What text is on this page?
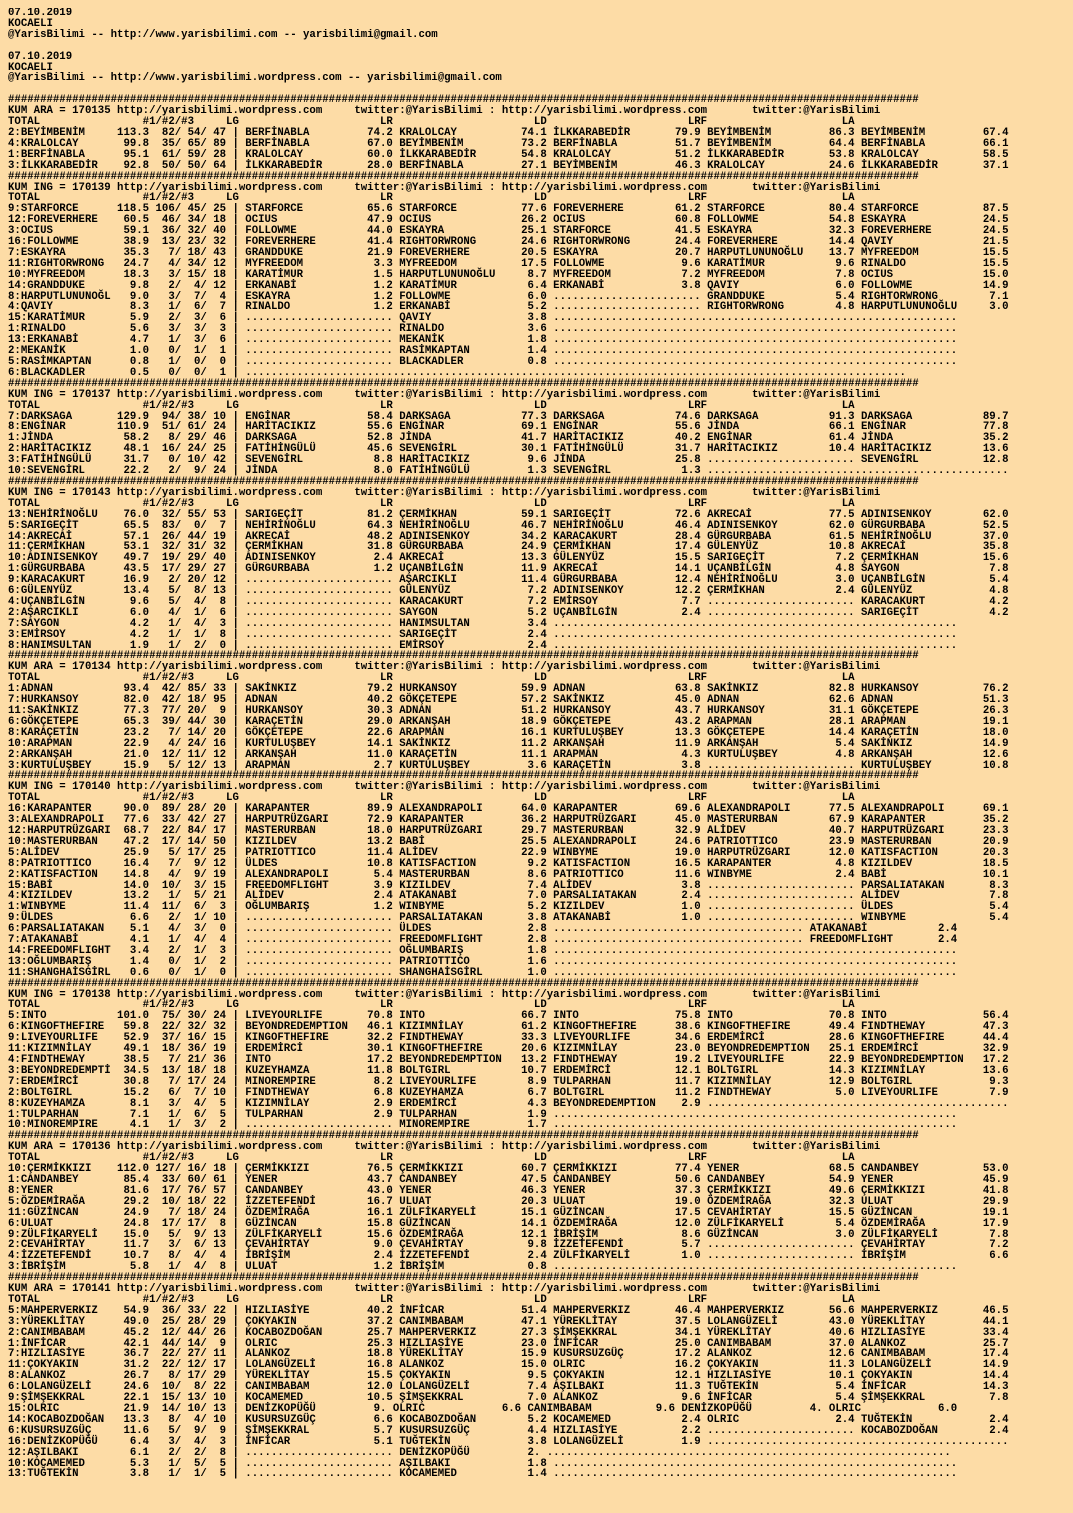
07.10.2019
KOCAELI
@YarisBilimi -- http://www.yarisbilimi.com -- yarisbilimi@gmail.com

07.10.2019
KOCAELI
@YarisBilimi -- http://www.yarisbilimi.wordpress.com -- yarisbilimi@gmail.com

##############################################################################################################################################
KUM ARA = 170135 http://yarisbilimi.wordpress.com     twitter:@YarisBilimi : http://yarisbilimi.wordpress.com       twitter:@YarisBilimi
TOTAL                #1/#2/#3     LG                      LR                      LD                      LRF                     LA
2:BEYİMBENİM     113.3  82/ 54/ 47 | BERFİNABLA         74.2 KRALOLCAY          74.1 İLKKARABEDİR       79.9 BEYİMBENİM         86.3 BEYİMBENİM         67.4
4:KRALOLCAY       99.8  35/ 65/ 89 | BERFİNABLA         67.0 BEYİMBENİM         73.2 BERFİNABLA         51.7 BEYİMBENİM         64.4 BERFİNABLA         66.1
1:BERFİNABLA      95.1  61/ 59/ 28 | KRALOLCAY          60.0 İLKKARABEDİR       54.8 KRALOLCAY          51.2 İLKKARABEDİR       53.8 KRALOLCAY          58.5
3:İLKKARABEDİR    92.8  50/ 50/ 64 | İLKKARABEDİR       28.0 BERFİNABLA         27.1 BEYİMBENİM         46.3 KRALOLCAY          24.6 İLKKARABEDİR       37.1
##############################################################################################################################################
KUM ING = 170139 http://yarisbilimi.wordpress.com     twitter:@YarisBilimi : http://yarisbilimi.wordpress.com       twitter:@YarisBilimi
TOTAL                #1/#2/#3     LG                      LR                      LD                      LRF                     LA
9:STARFORCE      118.5 106/ 45/ 25 | STARFORCE          65.6 STARFORCE          77.6 FOREVERHERE        61.2 STARFORCE          80.4 STARFORCE          87.5
12:FOREVERHERE    60.5  46/ 34/ 18 | OCIUS              47.9 OCIUS              26.2 OCIUS              60.8 FOLLOWME           54.8 ESKAYRA            24.5
3:OCIUS           59.1  36/ 32/ 40 | FOLLOWME           44.0 ESKAYRA            25.1 STARFORCE          41.5 ESKAYRA            32.3 FOREVERHERE        24.5
16:FOLLOWME       38.9  13/ 23/ 32 | FOREVERHERE        41.4 RIGHTORWRONG       24.6 RIGHTORWRONG       24.4 FOREVERHERE        14.4 QAVIY              21.5
7:ESKAYRA         35.3   7/ 18/ 43 | GRANDDUKE          21.9 FOREVERHERE        20.5 ESKAYRA            20.7 HARPUTLUNUNOĞLU    13.7 MYFREEDOM          15.5
11:RIGHTORWRONG   24.7   4/ 34/ 12 | MYFREEDOM           3.3 MYFREEDOM          17.5 FOLLOWME            9.6 KARATİMUR           9.6 RINALDO            15.5
10:MYFREEDOM      18.3   3/ 15/ 18 | KARATİMUR           1.5 HARPUTLUNUNOĞLU     8.7 MYFREEDOM           7.2 MYFREEDOM           7.8 OCIUS              15.0
14:GRANDDUKE       9.8   2/  4/ 12 | ERKANABİ            1.2 KARATİMUR           6.4 ERKANABİ            3.8 QAVIY               6.0 FOLLOWME           14.9
8:HARPUTLUNUNOĞL   9.0   3/  7/  4 | ESKAYRA             1.2 FOLLOWME            6.0 ....................... GRANDDUKE           5.4 RIGHTORWRONG        7.1
4:QAVIY            8.3   1/  6/  7 | RINALDO             1.2 ERKANABİ            5.2 ....................... RIGHTORWRONG        4.8 HARPUTLUNUNOĞLU     3.0
15:KARATİMUR       5.9   2/  3/  6 | ....................... QAVIY               3.8 ...............................................................
1:RINALDO          5.6   3/  3/  3 | ....................... RINALDO             3.6 ...............................................................
13:ERKANABİ        4.7   1/  3/  6 | ....................... MEKANİK             1.8 ...............................................................
2:MEKANİK          1.0   0/  1/  1 | ....................... RASİMKAPTAN         1.4 ...............................................................
5:RASİMKAPTAN      0.8   1/  0/  0 | ....................... BLACKADLER          0.8 ...............................................................
6:BLACKADLER       0.5   0/  0/  1 | .......................................................................................................
##############################################################################################################################################
KUM ING = 170137 http://yarisbilimi.wordpress.com     twitter:@YarisBilimi : http://yarisbilimi.wordpress.com       twitter:@YarisBilimi
TOTAL                #1/#2/#3     LG                      LR                      LD                      LRF                     LA
7:DARKSAGA       129.9  94/ 38/ 10 | ENGİNAR            58.4 DARKSAGA           77.3 DARKSAGA           74.6 DARKSAGA           91.3 DARKSAGA           89.7
8:ENGİNAR        110.9  51/ 61/ 24 | HARİTACIKIZ        55.6 ENGİNAR            69.1 ENGİNAR            55.6 JİNDA              66.1 ENGİNAR            77.8
1:JİNDA           58.2   8/ 29/ 46 | DARKSAGA           52.8 JİNDA              41.7 HARİTACIKIZ        40.2 ENGİNAR            61.4 JİNDA              35.2
2:HARİTACIKIZ     48.1  16/ 24/ 25 | FATİHİNGÜLÜ        45.6 SEVENGİRL          30.1 FATİHİNGÜLÜ        31.7 HARİTACIKIZ        10.4 HARİTACIKIZ        13.6
3:FATİHİNGÜLÜ     31.7   0/ 10/ 42 | SEVENGİRL           8.8 HARİTACIKIZ         9.6 JİNDA              25.8 ....................... SEVENGİRL          12.8
10:SEVENGİRL      22.2   2/  9/ 24 | JİNDA               8.0 FATİHİNGÜLÜ         1.3 SEVENGİRL           1.3 ...............................................
##############################################################################################################################################
KUM ING = 170143 http://yarisbilimi.wordpress.com     twitter:@YarisBilimi : http://yarisbilimi.wordpress.com       twitter:@YarisBilimi
TOTAL                #1/#2/#3     LG                      LR                      LD                      LRF                     LA
13:NEHİRİNOĞLU    76.0  32/ 55/ 53 | SARIGEÇİT          81.2 ÇERMİKHAN          59.1 SARIGEÇİT          72.6 AKRECAİ            77.5 ADINISENKOY        62.0
5:SARIGEÇİT       65.5  83/  0/  7 | NEHİRİNOĞLU        64.3 NEHİRİNOĞLU        46.7 NEHİRİNOĞLU        46.4 ADINISENKOY        62.0 GÜRGURBABA         52.5
14:AKRECAİ        57.1  26/ 44/ 19 | AKRECAİ            48.2 ADINISENKOY        34.2 KARACAKURT         28.4 GÜRGURBABA         61.5 NEHİRİNOĞLU        37.0
11:ÇERMİKHAN      53.1  32/ 31/ 32 | ÇERMİKHAN          31.8 GÜRGURBABA         24.9 ÇERMİKHAN          17.4 GÜLENYÜZ           10.8 AKRECAİ            35.8
10:ADINISENKOY    49.7  19/ 29/ 40 | ADINISENKOY         2.4 AKRECAİ            13.3 GÜLENYÜZ           15.5 SARIGEÇİT           7.2 ÇERMİKHAN          15.6
1:GÜRGURBABA      43.5  17/ 29/ 27 | GÜRGURBABA          1.2 UÇANBİLGİN         11.9 AKRECAİ            14.1 UÇANBİLGİN          4.8 SAYGON              7.8
9:KARACAKURT      16.9   2/ 20/ 12 | ....................... AŞARCIKLI          11.4 GÜRGURBABA         12.4 NEHİRİNOĞLU         3.0 UÇANBİLGİN          5.4
6:GÜLENYÜZ        13.4   5/  8/ 13 | ....................... GÜLENYÜZ            7.2 ADINISENKOY        12.2 ÇERMİKHAN           2.4 GÜLENYÜZ            4.8
4:UÇANBİLGİN       9.6   5/  4/  8 | ....................... KARACAKURT          7.2 EMİRSOY             7.7 ....................... KARACAKURT          4.2
2:AŞARCIKLI        6.0   4/  1/  6 | ....................... SAYGON              5.2 UÇANBİLGİN          2.4 ....................... SARIGEÇİT           4.2
7:SAYGON           4.2   1/  4/  3 | ....................... HANIMSULTAN         3.4 ...............................................................
3:EMİRSOY          4.2   1/  1/  8 | ....................... SARIGEÇİT           2.4 ...............................................................
8:HANIMSULTAN      1.9   1/  2/  0 | ....................... EMİRSOY             2.4 ...............................................................
##############################################################################################################################################
KUM ARA = 170134 http://yarisbilimi.wordpress.com     twitter:@YarisBilimi : http://yarisbilimi.wordpress.com       twitter:@YarisBilimi
TOTAL                #1/#2/#3     LG                      LR                      LD                      LRF                     LA
1:ADNAN           93.4  42/ 85/ 33 | SAKİNKIZ           79.2 HURKANSOY          59.9 ADNAN              63.8 SAKİNKIZ           82.8 HURKANSOY          76.2
7:HURKANSOY       82.0  42/ 18/ 95 | ADNAN              40.2 GÖKÇETEPE          57.2 SAKİNKIZ           45.0 ADNAN              62.6 ADNAN              51.3
11:SAKİNKIZ       77.3  77/ 20/  9 | HURKANSOY          30.3 ADNAN              51.2 HURKANSOY          43.7 HURKANSOY          31.1 GÖKÇETEPE          26.3
6:GÖKÇETEPE       65.3  39/ 44/ 30 | KARAÇETİN          29.0 ARKANŞAH           18.9 GÖKÇETEPE          43.2 ARAPMAN            28.1 ARAPMAN            19.1
8:KARAÇETİN       23.2   7/ 14/ 20 | GÖKÇETEPE          22.6 ARAPMAN            16.1 KURTULUŞBEY        13.3 GÖKÇETEPE          14.4 KARAÇETİN          18.0
10:ARAPMAN        22.9   4/ 24/ 16 | KURTULUŞBEY        14.1 SAKİNKIZ           11.2 ARKANŞAH           11.9 ARKANŞAH            5.4 SAKİNKIZ           14.9
2:ARKANŞAH        21.0  12/ 11/ 12 | ARKANŞAH           11.0 KARAÇETİN          11.1 ARAPMAN             4.3 KURTULUŞBEY         4.8 ARKANŞAH           12.6
3:KURTULUŞBEY     15.9   5/ 12/ 13 | ARAPMAN             2.7 KURTULUŞBEY         3.6 KARAÇETİN           3.8 ....................... KURTULUŞBEY        10.8
##############################################################################################################################################
KUM ING = 170140 http://yarisbilimi.wordpress.com     twitter:@YarisBilimi : http://yarisbilimi.wordpress.com       twitter:@YarisBilimi
TOTAL                #1/#2/#3     LG                      LR                      LD                      LRF                     LA
16:KARAPANTER     90.0  89/ 28/ 20 | KARAPANTER         89.9 ALEXANDRAPOLI      64.0 KARAPANTER         69.6 ALEXANDRAPOLI      77.5 ALEXANDRAPOLI      69.1
3:ALEXANDRAPOLI   77.6  33/ 42/ 27 | HARPUTRÜZGARI      72.9 KARAPANTER         36.2 HARPUTRÜZGARI      45.0 MASTERURBAN        67.9 KARAPANTER         35.2
12:HARPUTRÜZGARI  68.7  22/ 84/ 17 | MASTERURBAN        18.0 HARPUTRÜZGARI      29.7 MASTERURBAN        32.9 ALİDEV             40.7 HARPUTRÜZGARI      23.3
10:MASTERURBAN    47.2  17/ 14/ 50 | KIZILDEV           13.2 BABİ               25.5 ALEXANDRAPOLI      24.6 PATRIOTTICO        23.9 MASTERURBAN        20.9
5:ALİDEV          25.9   5/ 17/ 25 | PATRIOTTICO        11.4 ALİDEV             22.9 WINBYME            19.0 HARPUTRÜZGARI      12.0 KATISFACTION       20.3
8:PATRIOTTICO     16.4   7/  9/ 12 | ÜLDES              10.8 KATISFACTION        9.2 KATISFACTION       16.5 KARAPANTER          4.8 KIZILDEV           18.5
2:KATISFACTION    14.8   4/  9/ 19 | ALEXANDRAPOLI       5.4 MASTERURBAN         8.6 PATRIOTTICO        11.6 WINBYME             2.4 BABİ               10.1
15:BABİ           14.0  10/  3/ 15 | FREEDOMFLIGHT       3.9 KIZILDEV            7.4 ALİDEV              3.8 ....................... PARSALIATAKAN       8.3
4:KIZILDEV        13.2   1/  5/ 21 | ALİDEV              2.4 ATAKANABİ           7.0 PARSALIATAKAN       2.4 ....................... ALİDEV              7.8
1:WINBYME         11.4  11/  6/  3 | OĞLUMBARIŞ          1.2 WINBYME             5.2 KIZILDEV            1.0 ....................... ÜLDES               5.4
9:ÜLDES            6.6   2/  1/ 10 | ....................... PARSALIATAKAN       3.8 ATAKANABİ           1.0 ....................... WINBYME             5.4
6:PARSALIATAKAN    5.1   4/  3/  0 | ....................... ÜLDES               2.8 ....................................... ATAKANABİ           2.4
7:ATAKANABİ        4.1   1/  4/  4 | ....................... FREEDOMFLIGHT       2.8 ....................................... FREEDOMFLIGHT       2.4
14:FREEDOMFLIGHT   3.4   2/  1/  3 | ....................... OĞLUMBARIŞ          1.8 ...............................................................
13:OĞLUMBARIŞ      1.4   0/  1/  2 | ....................... PATRIOTTICO         1.6 ...............................................................
11:SHANGHAİSGİRL   0.6   0/  1/  0 | ....................... SHANGHAİSGİRL       1.0 ...............................................................
##############################################################################################################################################
KUM ING = 170138 http://yarisbilimi.wordpress.com     twitter:@YarisBilimi : http://yarisbilimi.wordpress.com       twitter:@YarisBilimi
TOTAL                #1/#2/#3     LG                      LR                      LD                      LRF                     LA
5:INTO           101.0  75/ 30/ 24 | LIVEYOURLIFE       70.8 INTO               66.7 INTO               75.8 INTO               70.8 INTO               56.4
6:KINGOFTHEFIRE   59.8  22/ 32/ 32 | BEYONDREDEMPTION   46.1 KIZIMNİLAY         61.2 KINGOFTHEFIRE      38.6 KINGOFTHEFIRE      49.4 FINDTHEWAY         47.3
9:LIVEYOURLIFE    52.9  37/ 16/ 15 | KINGOFTHEFIRE      32.2 FINDTHEWAY         33.3 LIVEYOURLIFE       34.6 ERDEMİRCİ          28.6 KINGOFTHEFIRE      44.4
11:KIZIMNİLAY     49.1  18/ 36/ 19 | ERDEMİRCİ          30.1 KINGOFTHEFIRE      20.6 KIZIMNİLAY         23.0 BEYONDREDEMPTION   25.1 ERDEMİRCİ          32.9
4:FINDTHEWAY      38.5   7/ 21/ 36 | INTO               17.2 BEYONDREDEMPTION   13.2 FINDTHEWAY         19.2 LIVEYOURLIFE       22.9 BEYONDREDEMPTION   17.2
3:BEYONDREDEMPTİ  34.5  13/ 18/ 18 | KUZEYHAMZA         11.8 BOLTGIRL           10.7 ERDEMİRCİ          12.1 BOLTGIRL           14.3 KIZIMNİLAY         13.6
7:ERDEMİRCİ       30.8   7/ 17/ 24 | MINOREMPIRE         8.2 LIVEYOURLIFE        8.9 TULPARHAN          11.7 KIZIMNİLAY         12.9 BOLTGIRL            9.3
2:BOLTGIRL        15.2   6/  7/ 10 | FINDTHEWAY          6.8 KUZEYHAMZA          6.7 BOLTGIRL           11.2 FINDTHEWAY          5.0 LIVEYOURLIFE        7.9
8:KUZEYHAMZA       8.1   3/  4/  5 | KIZIMNİLAY          2.9 ERDEMİRCİ           4.3 BEYONDREDEMPTION    2.9 ...............................................
1:TULPARHAN        7.1   1/  6/  5 | TULPARHAN           2.9 TULPARHAN           1.9 ...............................................................
10:MINOREMPIRE     4.1   1/  3/  2 | ....................... MINOREMPIRE         1.7 ...............................................................
##############################################################################################################################################
KUM ARA = 170136 http://yarisbilimi.wordpress.com     twitter:@YarisBilimi : http://yarisbilimi.wordpress.com       twitter:@YarisBilimi
TOTAL                #1/#2/#3     LG                      LR                      LD                      LRF                     LA
10:ÇERMİKKIZI    112.0 127/ 16/ 18 | ÇERMİKKIZI         76.5 ÇERMİKKIZI         60.7 ÇERMİKKIZI         77.4 YENER              68.5 CANDANBEY          53.0
1:CANDANBEY       85.4  33/ 60/ 61 | YENER              43.7 CANDANBEY          47.5 CANDANBEY          50.6 CANDANBEY          54.9 YENER              45.9
8:YENER           81.6  17/ 76/ 57 | CANDANBEY          43.0 YENER              46.3 YENER              37.3 ÇERMİKKIZI         49.6 ÇERMİKKIZI         41.8
5:ÖZDEMİRAĞA      29.2  10/ 18/ 22 | İZZETEFENDİ        16.7 ULUAT              20.3 ULUAT              19.0 ÖZDEMİRAĞA         32.3 ULUAT              29.9
11:GÜZİNCAN       24.9   7/ 18/ 24 | ÖZDEMİRAĞA         16.1 ZÜLFİKARYELİ       15.1 GÜZİNCAN           17.5 CEVAHİRTAY         15.5 GÜZİNCAN           19.1
6:ULUAT           24.8  17/ 17/  8 | GÜZİNCAN           15.8 GÜZİNCAN           14.1 ÖZDEMİRAĞA         12.0 ZÜLFİKARYELİ        5.4 ÖZDEMİRAĞA         17.9
9:ZÜLFİKARYELİ    15.0   5/  9/ 13 | ZÜLFİKARYELİ       15.6 ÖZDEMİRAĞA         12.1 İBRİŞİM             8.6 GÜZİNCAN            3.0 ZÜLFİKARYELİ        7.8
2:CEVAHİRTAY      11.7   3/  6/ 13 | ÇEVAHİRTAY          9.0 ÇEVAHİRTAY          9.8 İZZETEFENDİ         5.7 ....................... ÇEVAHİRTAY          7.2
4:İZZETEFENDİ     10.7   8/  4/  4 | İBRİŞİM             2.4 İZZETEFENDİ         2.4 ZÜLFİKARYELİ        1.0 ....................... İBRİŞİM             6.6
3:İBRİŞİM          5.8   1/  4/  8 | ULUAT               1.2 İBRİŞİM             0.8 ...............................................................
##############################################################################################################################################
KUM ARA = 170141 http://yarisbilimi.wordpress.com     twitter:@YarisBilimi : http://yarisbilimi.wordpress.com       twitter:@YarisBilimi
TOTAL                #1/#2/#3     LG                      LR                      LD                      LRF                     LA
5:MAHPERVERKIZ    54.9  36/ 33/ 22 | HIZLIASİYE         40.2 İNFİCAR            51.4 MAHPERVERKIZ       46.4 MAHPERVERKIZ       56.6 MAHPERVERKIZ       46.5
3:YÜREKLİTAY      49.0  25/ 28/ 29 | ÇOKYAKIN           37.2 CANIMBABAM         47.1 YÜREKLİTAY         37.5 LOLANGÜZELİ        43.0 YÜREKLİTAY         44.1
2:CANIMBABAM      45.2  12/ 44/ 26 | KOCABOZDOĞAN       25.7 MAHPERVERKIZ       27.3 ŞİMŞEKKRAL         34.1 YÜREKLİTAY         40.6 HIZLIASİYE         33.4
1:İNFİCAR         42.1  44/ 14/  9 | OLRIC              25.3 HIZLIASİYE         23.0 İNFİCAR            25.0 CANIMBABAM         37.0 ALANKOZ            25.7
7:HIZLIASİYE      36.7  22/ 27/ 11 | ALANKOZ            18.8 YÜREKLİTAY         15.9 KUSURSUZGÜÇ        17.2 ALANKOZ            12.6 CANIMBABAM         17.4
11:ÇOKYAKIN       31.2  22/ 12/ 17 | LOLANGÜZELİ        16.8 ALANKOZ            15.0 OLRIC              16.2 ÇOKYAKIN           11.3 LOLANGÜZELİ        14.9
8:ALANKOZ         26.7   8/ 17/ 29 | YÜREKLİTAY         15.5 ÇOKYAKIN            9.5 ÇOKYAKIN           12.1 HIZLIASİYE         10.1 ÇOKYAKIN           14.4
6:LOLANGÜZELİ     24.6  10/  8/ 22 | CANIMBABAM         12.0 LOLANGÜZELİ         7.4 AŞILBAKI           11.3 TUĞTEKİN            5.4 İNFİCAR            14.3
9:ŞİMŞEKKRAL      22.1  15/ 13/ 10 | KOCAMEMED          10.5 ŞİMŞEKKRAL          7.0 ALANKOZ             9.6 İNFİCAR             5.4 ŞİMŞEKKRAL          7.8
15:OLRIC          21.9  14/ 10/ 13 | DENİZKOPÜĞÜ         9. OLRIC            6.6 CANIMBABAM          9.6 DENİZKOPÜĞÜ         4. OLRIC            6.0
14:KOCABOZDOĞAN   13.3   8/  4/ 10 | KUSURSUZGÜÇ         6.6 KOCABOZDOĞAN        5.2 KOCAMEMED           2.4 OLRIC               2.4 TUĞTEKİN            2.4
6:KUSURSUZGÜÇ     11.6   5/  9/  9 | ŞİMŞEKKRAL          5.7 KUSURSUZGÜÇ         4.4 HIZLIASİYE          2.2 ....................... KOCABOZDOĞAN        2.4
16:DENİZKOPÜĞÜ     6.4   3/  4/  3 | İNFİCAR             5.1 TUĞTEKİN            3.8 LOLANGÜZELİ         1.9 ...............................................
12:AŞILBAKI        6.1   2/  2/  8 | ....................... DENİZKOPÜĞÜ         2. ...............................................................
10:KOCAMEMED       5.3   1/  5/  5 | ....................... AŞILBAKI            1.8 ...............................................................
13:TUĞTEKİN        3.8   1/  1/  5 | ....................... KOCAMEMED           1.4 ...............................................................
